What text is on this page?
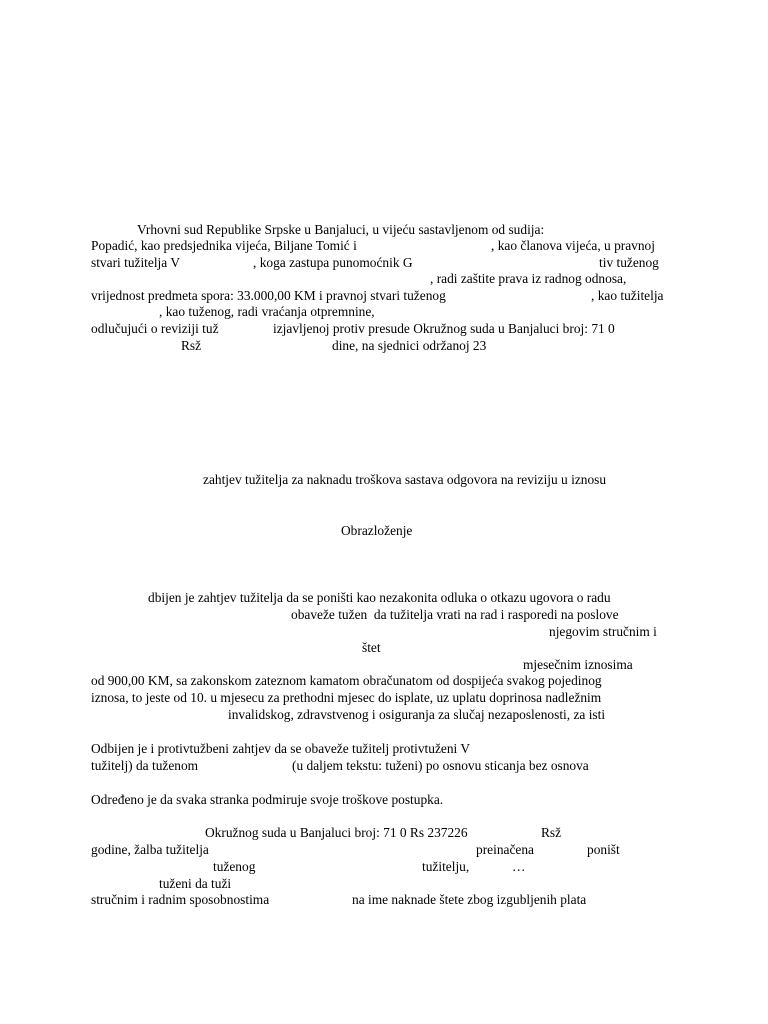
Vrhovni sud Republike Srpske u Banjaluci, u vijeću sastavljenom od sudija:
Popadić, kao predsjednika vijeća, Biljane Tomić i	, kao članova vijeća, u pravnoj
stvari tužitelja V	, koga zastupa punomoćnik G	tiv tuženog
, radi zaštite prava iz radnog odnosa,
vrijednost predmeta spora: 33.000,00 KM i pravnoj stvari tuženog	, kao tužitelja
, kao tuženog, radi vraćanja otpremnine,
odlučujući o reviziji tuž	izjavljenoj protiv presude Okružnog suda u Banjaluci broj: 71 0
Rsž	dine, na sjednici održanoj 23
zahtjev tužitelja za naknadu troškova sastava odgovora na reviziju u iznosu
Obrazloženje
dbijen je zahtjev tužitelja da se poništi kao nezakonita odluka o otkazu ugovora o radu
obaveže tužen  da tužitelja vrati na rad i rasporedi na poslove
njegovim stručnim i
štet
mjesečnim iznosima
od 900,00 KM, sa zakonskom zateznom kamatom obračunatom od dospijeća svakog pojedinog
iznosa, to jeste od 10. u mjesecu za prethodni mjesec do isplate, uz uplatu doprinosa nadležnim
invalidskog, zdravstvenog i osiguranja za slučaj nezaposlenosti, za isti
Odbijen je i protivtužbeni zahtjev da se obaveže tužitelj protivtuženi V
tužitelj) da tuženom	(u daljem tekstu: tuženi) po osnovu sticanja bez osnova
Određeno je da svaka stranka podmiruje svoje troškove postupka.
Okružnog suda u Banjaluci broj: 71 0 Rs 237226	Rsž
godine, žalba tužitelja	preinačena	poništ
tuženog	tužitelju,	…
tuženi da tuži
stručnim i radnim sposobnostima	na ime naknade štete zbog izgubljenih plata
